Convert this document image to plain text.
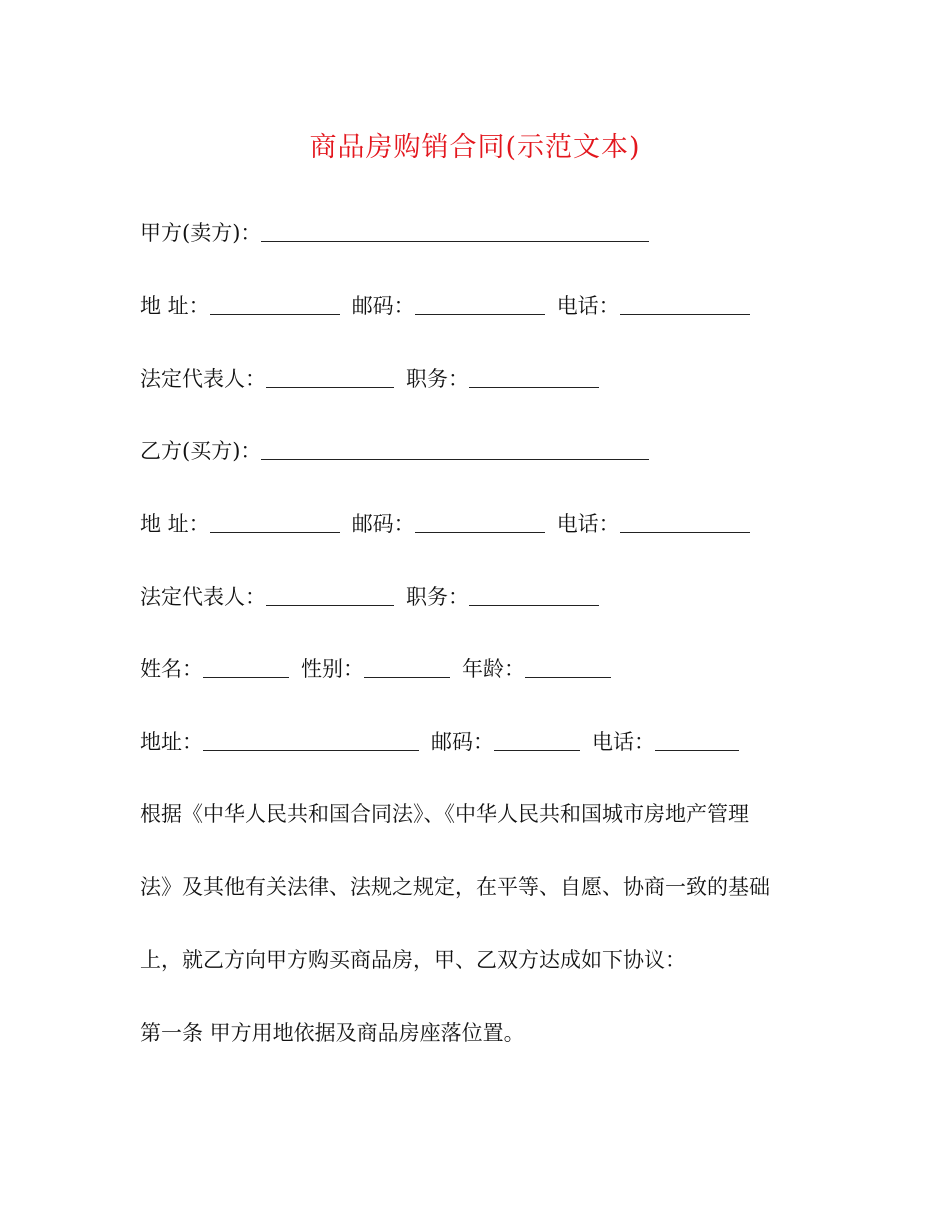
商品房购销合同(示范文本)
甲方(卖方)：
地 址：	邮码：	电话：
法定代表人：	职务：
乙方(买方)：
地 址：	邮码：	电话：
法定代表人：	职务：
姓名：	性别：	年龄：
地址：	邮码：	电话：
根据《中华人民共和国合同法》、《中华人民共和国城市房地产管理
法》及其他有关法律、法规之规定，在平等、自愿、协商一致的基础
上，就乙方向甲方购买商品房，甲、乙双方达成如下协议：
第一条 甲方用地依据及商品房座落位置。
